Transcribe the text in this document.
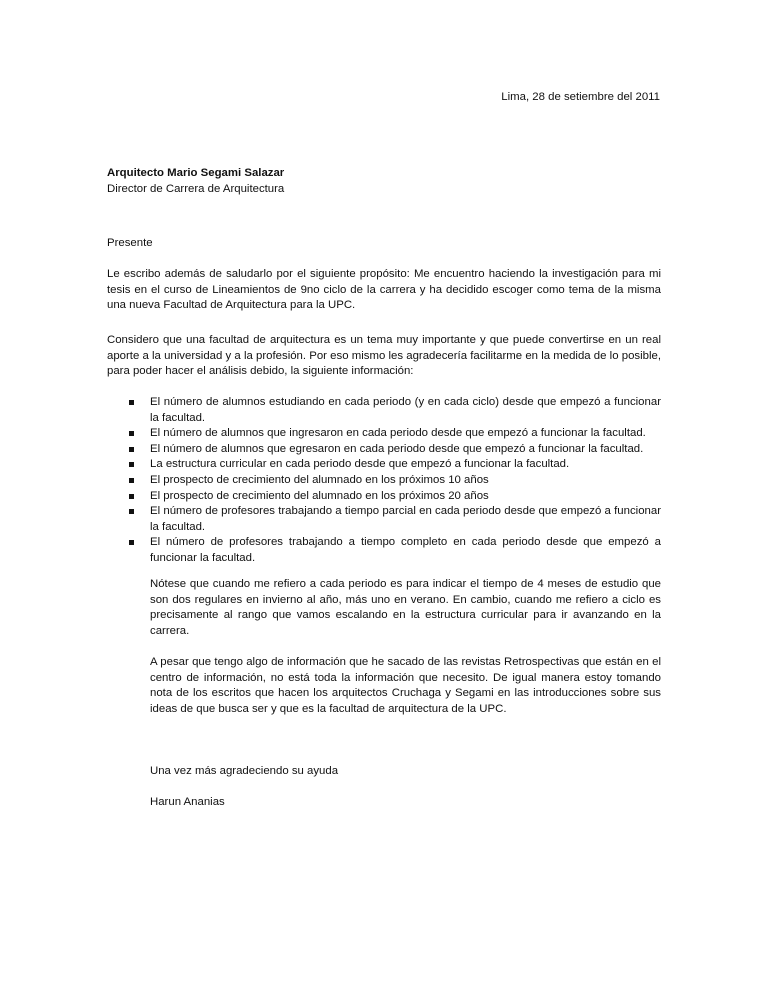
Lima, 28 de setiembre del 2011
Arquitecto Mario Segami Salazar
Director de Carrera de Arquitectura
Presente
Le escribo además de saludarlo por el siguiente propósito: Me encuentro haciendo la investigación para mi tesis en el curso de Lineamientos de 9no ciclo de la carrera y ha decidido escoger como tema de la misma una nueva Facultad de Arquitectura para la UPC.
Considero que una facultad de arquitectura es un tema muy importante y que puede convertirse en un real aporte a la universidad y a la profesión. Por eso mismo les agradecería facilitarme en la medida de lo posible, para poder hacer el análisis debido, la siguiente información:
El número de alumnos estudiando en cada periodo (y en cada ciclo) desde que empezó a funcionar la facultad.
El número de alumnos que ingresaron en cada periodo desde que empezó a funcionar la facultad.
El número de alumnos que egresaron en cada periodo desde que empezó a funcionar la facultad.
La estructura curricular en cada periodo desde que empezó a funcionar la facultad.
El prospecto de crecimiento del alumnado en los próximos 10 años
El prospecto de crecimiento del alumnado en los próximos 20 años
El número de profesores trabajando a tiempo parcial en cada periodo desde que empezó a funcionar la facultad.
El número de profesores trabajando a tiempo completo en cada periodo desde que empezó a funcionar la facultad.
Nótese que cuando me refiero a cada periodo es para indicar el tiempo de 4 meses de estudio que son dos regulares en invierno al año, más uno en verano. En cambio, cuando me refiero a ciclo es precisamente al rango que vamos escalando en la estructura curricular para ir avanzando en la carrera.
A pesar que tengo algo de información que he sacado de las revistas Retrospectivas que están en el centro de información, no está toda la información que necesito. De igual manera estoy tomando nota de los escritos que hacen los arquitectos Cruchaga y Segami en las introducciones sobre sus ideas de que busca ser y que es la facultad de arquitectura de la UPC.
Una vez más agradeciendo su ayuda
Harun Ananias
